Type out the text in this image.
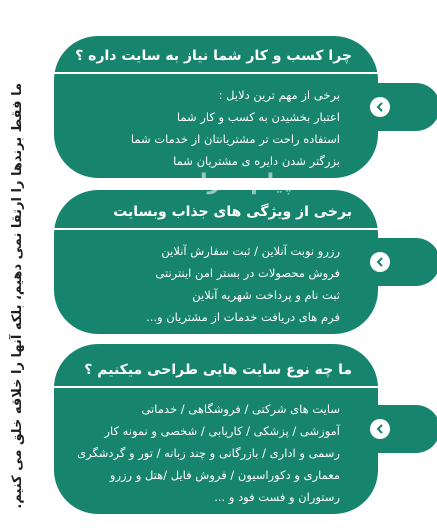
ما فقط برندها را ارتقا نمی دهیم، بلکه آنها را خلاقه خلق می کنیم.
چرا کسب و کار شما نیاز به سایت داره ؟
برخی از مهم ترین دلایل :
اعتبار بخشیدن به کسب و کار شما
استفاده راحت تر مشتریانتان از خدمات شما
بزرگتر شدن دایره ی مشتریان شما
برخی از ویژگی های جذاب وبسایت
رزرو نوبت آنلاین / ثبت سفارش آنلاین
فروش محصولات در بستر امن اینترنتی
ثبت نام و پرداخت شهریه آنلاین
فرم های دریافت خدمات از مشتریان و...
ما چه نوع سایت هایی طراحی میکنیم ؟
سایت های شرکتی / فروشگاهی / خدماتی
آموزشی / پزشکی / کاریابی / شخصی و نمونه کار
رسمی و اداری / بازرگانی و چند زبانه / تور و گردشگری
معماری و دکوراسیون / فروش فایل /هتل و رزرو
رستوران و فست فود و ...
پیام سرا
